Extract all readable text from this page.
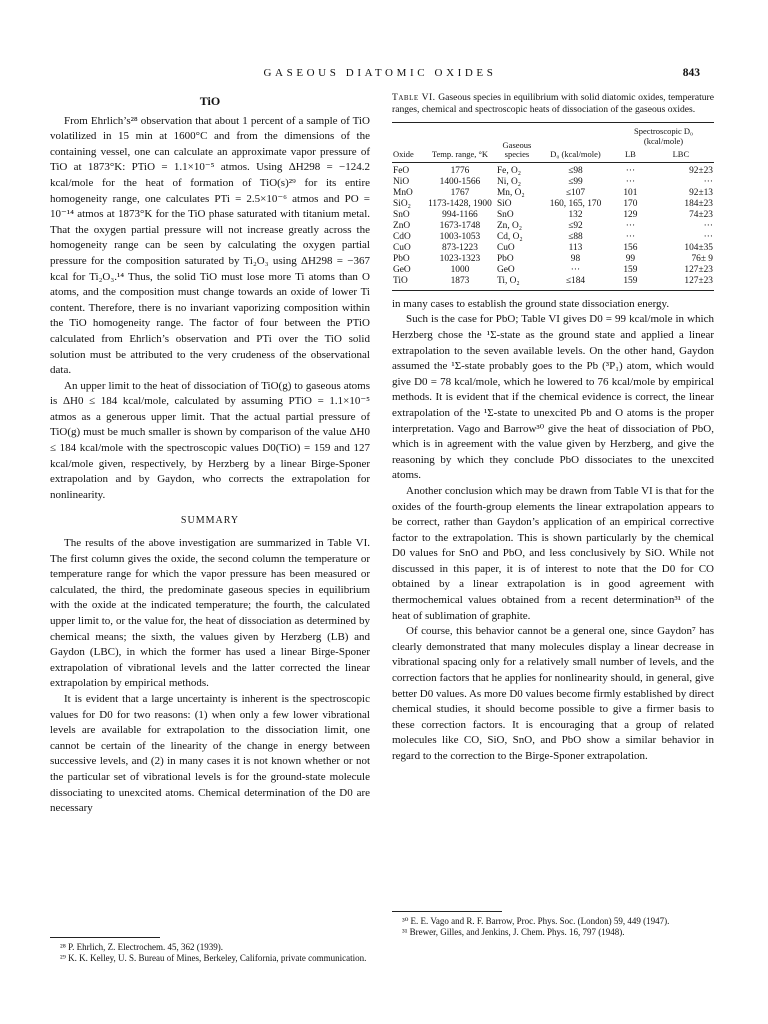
GASEOUS DIATOMIC OXIDES	843
TiO

From Ehrlich’s²⁸ observation that about 1 percent of a sample of TiO volatilized in 15 min at 1600°C and from the dimensions of the containing vessel, one can calculate an approximate vapor pressure of TiO at 1873°K: PTiO = 1.1×10⁻⁵ atmos. Using ΔH298 = −124.2 kcal/mole for the heat of formation of TiO(s)²⁹ for its entire homogeneity range, one calculates PTi = 2.5×10⁻⁶ atmos and PO = 10⁻¹⁴ atmos at 1873°K for the TiO phase saturated with titanium metal. That the oxygen partial pressure will not increase greatly across the homogeneity range can be seen by calculating the oxygen partial pressure for the composition saturated by Ti₂O₃ using ΔH298 = −367 kcal for Ti₂O₃.¹⁴ Thus, the solid TiO must lose more Ti atoms than O atoms, and the composition must change towards an oxide of lower Ti content. Therefore, there is no invariant vaporizing composition within the TiO homogeneity range. The factor of four between the PTiO calculated from Ehrlich’s observation and PTi over the TiO solid solution must be attributed to the very crudeness of the observational data.

An upper limit to the heat of dissociation of TiO(g) to gaseous atoms is ΔH0 ≤ 184 kcal/mole, calculated by assuming PTiO = 1.1×10⁻⁵ atmos as a generous upper limit. That the actual partial pressure of TiO(g) must be much smaller is shown by comparison of the value ΔH0 ≤ 184 kcal/mole with the spectroscopic values D0(TiO) = 159 and 127 kcal/mole given, respectively, by Herzberg by a linear Birge-Sponer extrapolation and by Gaydon, who corrects the extrapolation for nonlinearity.

SUMMARY

The results of the above investigation are summarized in Table VI. The first column gives the oxide, the second column the temperature or temperature range for which the vapor pressure has been measured or calculated, the third, the predominate gaseous species in equilibrium with the oxide at the indicated temperature; the fourth, the calculated upper limit to, or the value for, the heat of dissociation as determined by chemical means; the sixth, the values given by Herzberg (LB) and Gaydon (LBC), in which the former has used a linear Birge-Sponer extrapolation of vibrational levels and the latter corrected the linear extrapolation by empirical methods.

It is evident that a large uncertainty is inherent is the spectroscopic values for D0 for two reasons: (1) when only a few lower vibrational levels are available for extrapolation to the dissociation limit, one cannot be certain of the linearity of the change in energy between successive levels, and (2) in many cases it is not known whether or not the particular set of vibrational levels is for the ground-state molecule dissociating to unexcited atoms. Chemical determination of the D0 are necessary

²⁸ P. Ehrlich, Z. Electrochem. 45, 362 (1939).

²⁹ K. K. Kelley, U. S. Bureau of Mines, Berkeley, California, private communication.

Table VI. Gaseous species in equilibrium with solid diatomic oxides, temperature ranges, chemical and spectroscopic heats of dissociation of the gaseous oxides.
Oxide	Temp. range, °K	Gaseous species	D₀ (kcal/mole)	Spectroscopic D₀ (kcal/mole)	
				LB	LBC
FeO	1776	Fe, O₂	≤98	···	92±23
NiO	1400-1566	Ni, O₂	≤99	···	···
MnO	1767	Mn, O₂	≤107	101	92±13
SiO₂	1173-1428, 1900	SiO	160, 165, 170	170	184±23
SnO	994-1166	SnO	132	129	74±23
ZnO	1673-1748	Zn, O₂	≤92	···	···
CdO	1003-1053	Cd, O₂	≤88	···	···
CuO	873-1223	CuO	113	156	104±35
PbO	1023-1323	PbO	98	99	76± 9
GeO	1000	GeO	···	159	127±23
TiO	1873	Ti, O₂	≤184	159	127±23

in many cases to establish the ground state dissociation energy.

Such is the case for PbO; Table VI gives D0 = 99 kcal/mole in which Herzberg chose the ¹Σ-state as the ground state and applied a linear extrapolation to the seven available levels. On the other hand, Gaydon assumed the ¹Σ-state probably goes to the Pb (³P₁) atom, which would give D0 = 78 kcal/mole, which he lowered to 76 kcal/mole by empirical methods. It is evident that if the chemical evidence is correct, the linear extrapolation of the ¹Σ-state to unexcited Pb and O atoms is the proper interpretation. Vago and Barrow³⁰ give the heat of dissociation of PbO, which is in agreement with the value given by Herzberg, and give the reasoning by which they conclude PbO dissociates to the unexcited atoms.

Another conclusion which may be drawn from Table VI is that for the oxides of the fourth-group elements the linear extrapolation appears to be correct, rather than Gaydon’s application of an empirical corrective factor to the extrapolation. This is shown particularly by the chemical D0 values for SnO and PbO, and less conclusively by SiO. While not discussed in this paper, it is of interest to note that the D0 for CO obtained by a linear extrapolation is in good agreement with thermochemical values obtained from a recent determination³¹ of the heat of sublimation of graphite.

Of course, this behavior cannot be a general one, since Gaydon⁷ has clearly demonstrated that many molecules display a linear decrease in vibrational spacing only for a relatively small number of levels, and the correction factors that he applies for nonlinearity should, in general, give better D0 values. As more D0 values become firmly established by direct chemical studies, it should become possible to give a firmer basis to these correction factors. It is encouraging that a group of related molecules like CO, SiO, SnO, and PbO show a similar behavior in regard to the correction to the Birge-Sponer extrapolation.

³⁰ E. E. Vago and R. F. Barrow, Proc. Phys. Soc. (London) 59, 449 (1947).

³¹ Brewer, Gilles, and Jenkins, J. Chem. Phys. 16, 797 (1948).
